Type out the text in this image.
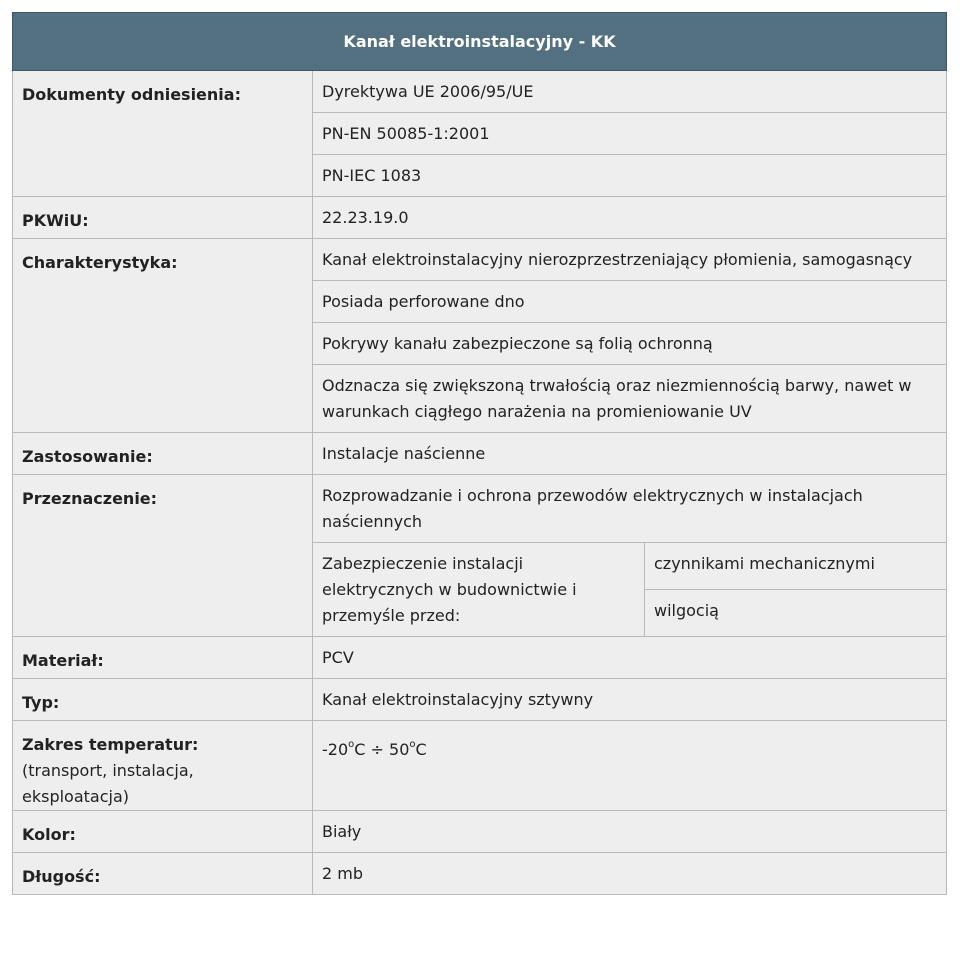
Kanał elektroinstalacyjny - KK		
Dokumenty odniesienia:	Dyrektywa UE 2006/95/UE	
	PN-EN 50085-1:2001	
	PN-IEC 1083	
PKWiU:	22.23.19.0	
Charakterystyka:	Kanał elektroinstalacyjny nierozprzestrzeniający płomienia, samogasnący	
	Posiada perforowane dno	
	Pokrywy kanału zabezpieczone są folią ochronną	
	Odznacza się zwiększoną trwałością oraz niezmiennością barwy, nawet w warunkach ciągłego narażenia na promieniowanie UV	
Zastosowanie:	Instalacje naścienne	
Przeznaczenie:	Rozprowadzanie i ochrona przewodów elektrycznych w instalacjach naściennych	
	Zabezpieczenie instalacji elektrycznych w budownictwie i przemyśle przed:	czynnikami mechanicznymi
		wilgocią
Materiał:	PCV	
Typ:	Kanał elektroinstalacyjny sztywny	
Zakres temperatur:
(transport, instalacja, eksploatacja)	$-20^oC \div 50^oC$	
Kolor:	Biały	
Długość:	2 mb	
